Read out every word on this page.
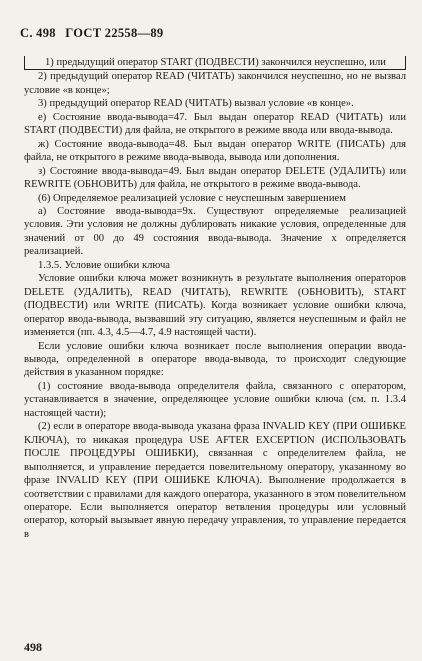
С. 498 ГОСТ 22558—89

1) предыдущий оператор START (ПОДВЕСТИ) закончился неуспешно, или

2) предыдущий оператор READ (ЧИТАТЬ) закончился неуспешно, но не вызвал условие «в конце»;

3) предыдущий оператор READ (ЧИТАТЬ) вызвал условие «в конце».

е) Состояние ввода-вывода=47. Был выдан оператор READ (ЧИТАТЬ) или START (ПОДВЕСТИ) для файла, не открытого в режиме ввода или ввода-вывода.

ж) Состояние ввода-вывода=48. Был выдан оператор WRITE (ПИСАТЬ) для файла, не открытого в режиме ввода-вывода, вывода или дополнения.

з) Состояние ввода-вывода=49. Был выдан оператор DELETE (УДАЛИТЬ) или REWRITE (ОБНОВИТЬ) для файла, не открытого в режиме ввода-вывода.

(6) Определяемое реализацией условие с неуспешным завершением

а) Состояние ввода-вывода=9х. Существуют определяемые реализацией условия. Эти условия не должны дублировать никакие условия, определенные для значений от 00 до 49 состояния ввода-вывода. Значение х определяется реализацией.

1.3.5. Условие ошибки ключа

Условие ошибки ключа может возникнуть в результате выполнения операторов DELETE (УДАЛИТЬ), READ (ЧИТАТЬ), REWRITE (ОБНОВИТЬ), START (ПОДВЕСТИ) или WRITE (ПИСАТЬ). Когда возникает условие ошибки ключа, оператор ввода-вывода, вызвавший эту ситуацию, является неуспешным и файл не изменяется (пп. 4.3, 4.5—4.7, 4.9 настоящей части).

Если условие ошибки ключа возникает после выполнения операции ввода-вывода, определенной в операторе ввода-вывода, то происходит следующие действия в указанном порядке:

(1) состояние ввода-вывода определителя файла, связанного с оператором, устанавливается в значение, определяющее условие ошибки ключа (см. п. 1.3.4 настоящей части);

(2) если в операторе ввода-вывода указана фраза INVALID KEY (ПРИ ОШИБКЕ КЛЮЧА), то никакая процедура USE AFTER EXCEPTION (ИСПОЛЬЗОВАТЬ ПОСЛЕ ПРОЦЕДУРЫ ОШИБКИ), связанная с определителем файла, не выполняется, и управление передается повелительному оператору, указанному во фразе INVALID KEY (ПРИ ОШИБКЕ КЛЮЧА). Выполнение продолжается в соответствии с правилами для каждого оператора, указанного в этом повелительном операторе. Если выполняется оператор ветвления процедуры или условный оператор, который вызывает явную передачу управления, то управление передается в

498
